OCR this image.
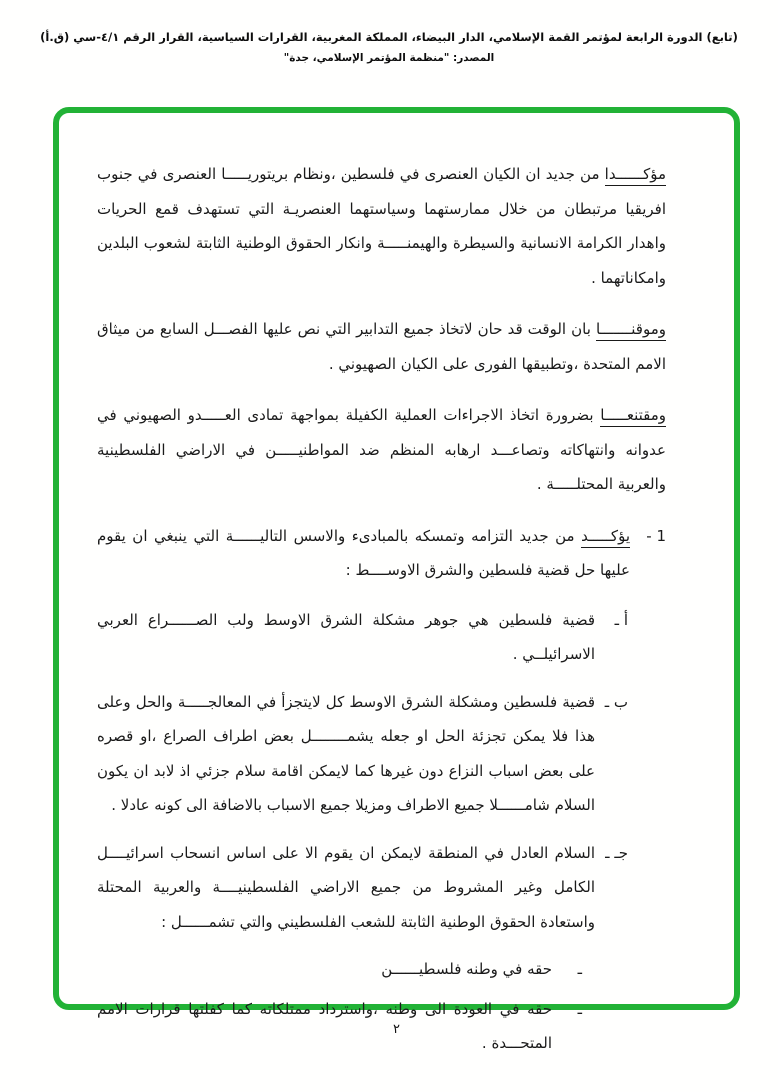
(تابع) الدورة الرابعة لمؤتمر القمة الإسلامي، الدار البيضاء، المملكة المغربية، القرارات السياسية، القرار الرقم ٤/١-سي (ق.أ)
المصدر: "منظمة المؤتمر الإسلامي، جدة"

مؤكــــــدا من جديد ان الكيان العنصرى في فلسطين ،ونظام بريتوريـــــا العنصرى في جنوب افريقيا مرتبطان من خلال ممارستهما وسياستهما العنصريـة التي تستهدف قمع الحريات واهدار الكرامة الانسانية والسيطرة والهيمنـــــة وانكار الحقوق الوطنية الثابتة لشعوب البلدين وامكاناتهما .

وموقنـــــــا بان الوقت قد حان لاتخاذ جميع التدابير التي نص عليها الفصـــل السابع من ميثاق الامم المتحدة ،وتطبيقها الفورى على الكيان الصهيوني .

ومقتنعـــــا بضرورة اتخاذ الاجراءات العملية الكفيلة بمواجهة تمادى العـــــدو الصهيوني في عدوانه وانتهاكاته وتصاعـــد ارهابه المنظم ضد المواطنيـــــن في الاراضي الفلسطينية والعربية المحتلـــــة .

1 -
يؤكـــــد من جديد التزامه وتمسكه بالمبادىء والاسس التاليــــــة التي ينبغي ان يقوم عليها حل قضية فلسطين والشرق الاوســــط :
أ ـ
قضية فلسطين هي جوهر مشكلة الشرق الاوسط ولب الصــــــراع العربي الاسرائيلــي .
ب ـ
قضية فلسطين ومشكلة الشرق الاوسط كل لايتجزأ في المعالجـــــة والحل وعلى هذا فلا يمكن تجزئة الحل او جعله يشمــــــــل بعض اطراف الصراع ،او قصره على بعض اسباب النزاع دون غيرها كما لايمكن اقامة سلام جزئي اذ لابد ان يكون السلام شامــــــلا جميع الاطراف ومزيلا جميع الاسباب بالاضافة الى كونه عادلا .
جـ ـ
السلام العادل في المنطقة لايمكن ان يقوم الا على اساس انسحاب اسرائيــــل الكامل وغير المشروط من جميع الاراضي الفلسطينيــــة والعربية المحتلة واستعادة الحقوق الوطنية الثابتة للشعب الفلسطيني والتي تشمــــــل :
ـ
حقه في وطنه فلسطيــــــن
ـ
حقه في العودة الى وطنه ،واسترداد ممتلكاته كما كفلتها قرارات الامم المتحـــدة .
٢
